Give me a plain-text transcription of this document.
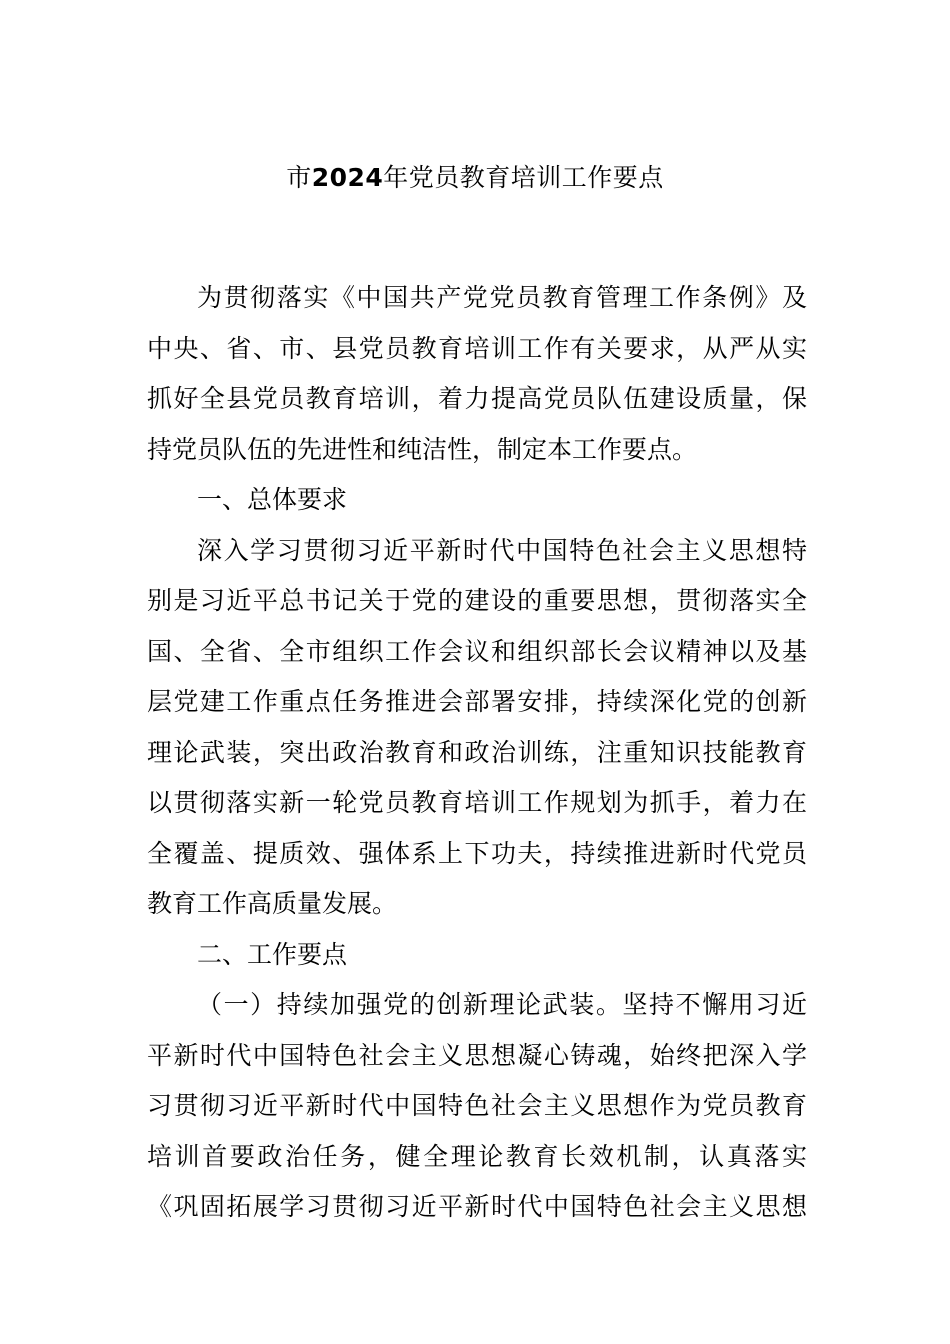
市2024年党员教育培训工作要点
为贯彻落实《中国共产党党员教育管理工作条例》及
中央、省、市、县党员教育培训工作有关要求，从严从实
抓好全县党员教育培训，着力提高党员队伍建设质量，保
持党员队伍的先进性和纯洁性，制定本工作要点。
一、总体要求
深入学习贯彻习近平新时代中国特色社会主义思想特
别是习近平总书记关于党的建设的重要思想，贯彻落实全
国、全省、全市组织工作会议和组织部长会议精神以及基
层党建工作重点任务推进会部署安排，持续深化党的创新
理论武装，突出政治教育和政治训练，注重知识技能教育
以贯彻落实新一轮党员教育培训工作规划为抓手，着力在
全覆盖、提质效、强体系上下功夫，持续推进新时代党员
教育工作高质量发展。
二、工作要点
（一）持续加强党的创新理论武装。坚持不懈用习近
平新时代中国特色社会主义思想凝心铸魂，始终把深入学
习贯彻习近平新时代中国特色社会主义思想作为党员教育
培训首要政治任务，健全理论教育长效机制，认真落实
《巩固拓展学习贯彻习近平新时代中国特色社会主义思想
